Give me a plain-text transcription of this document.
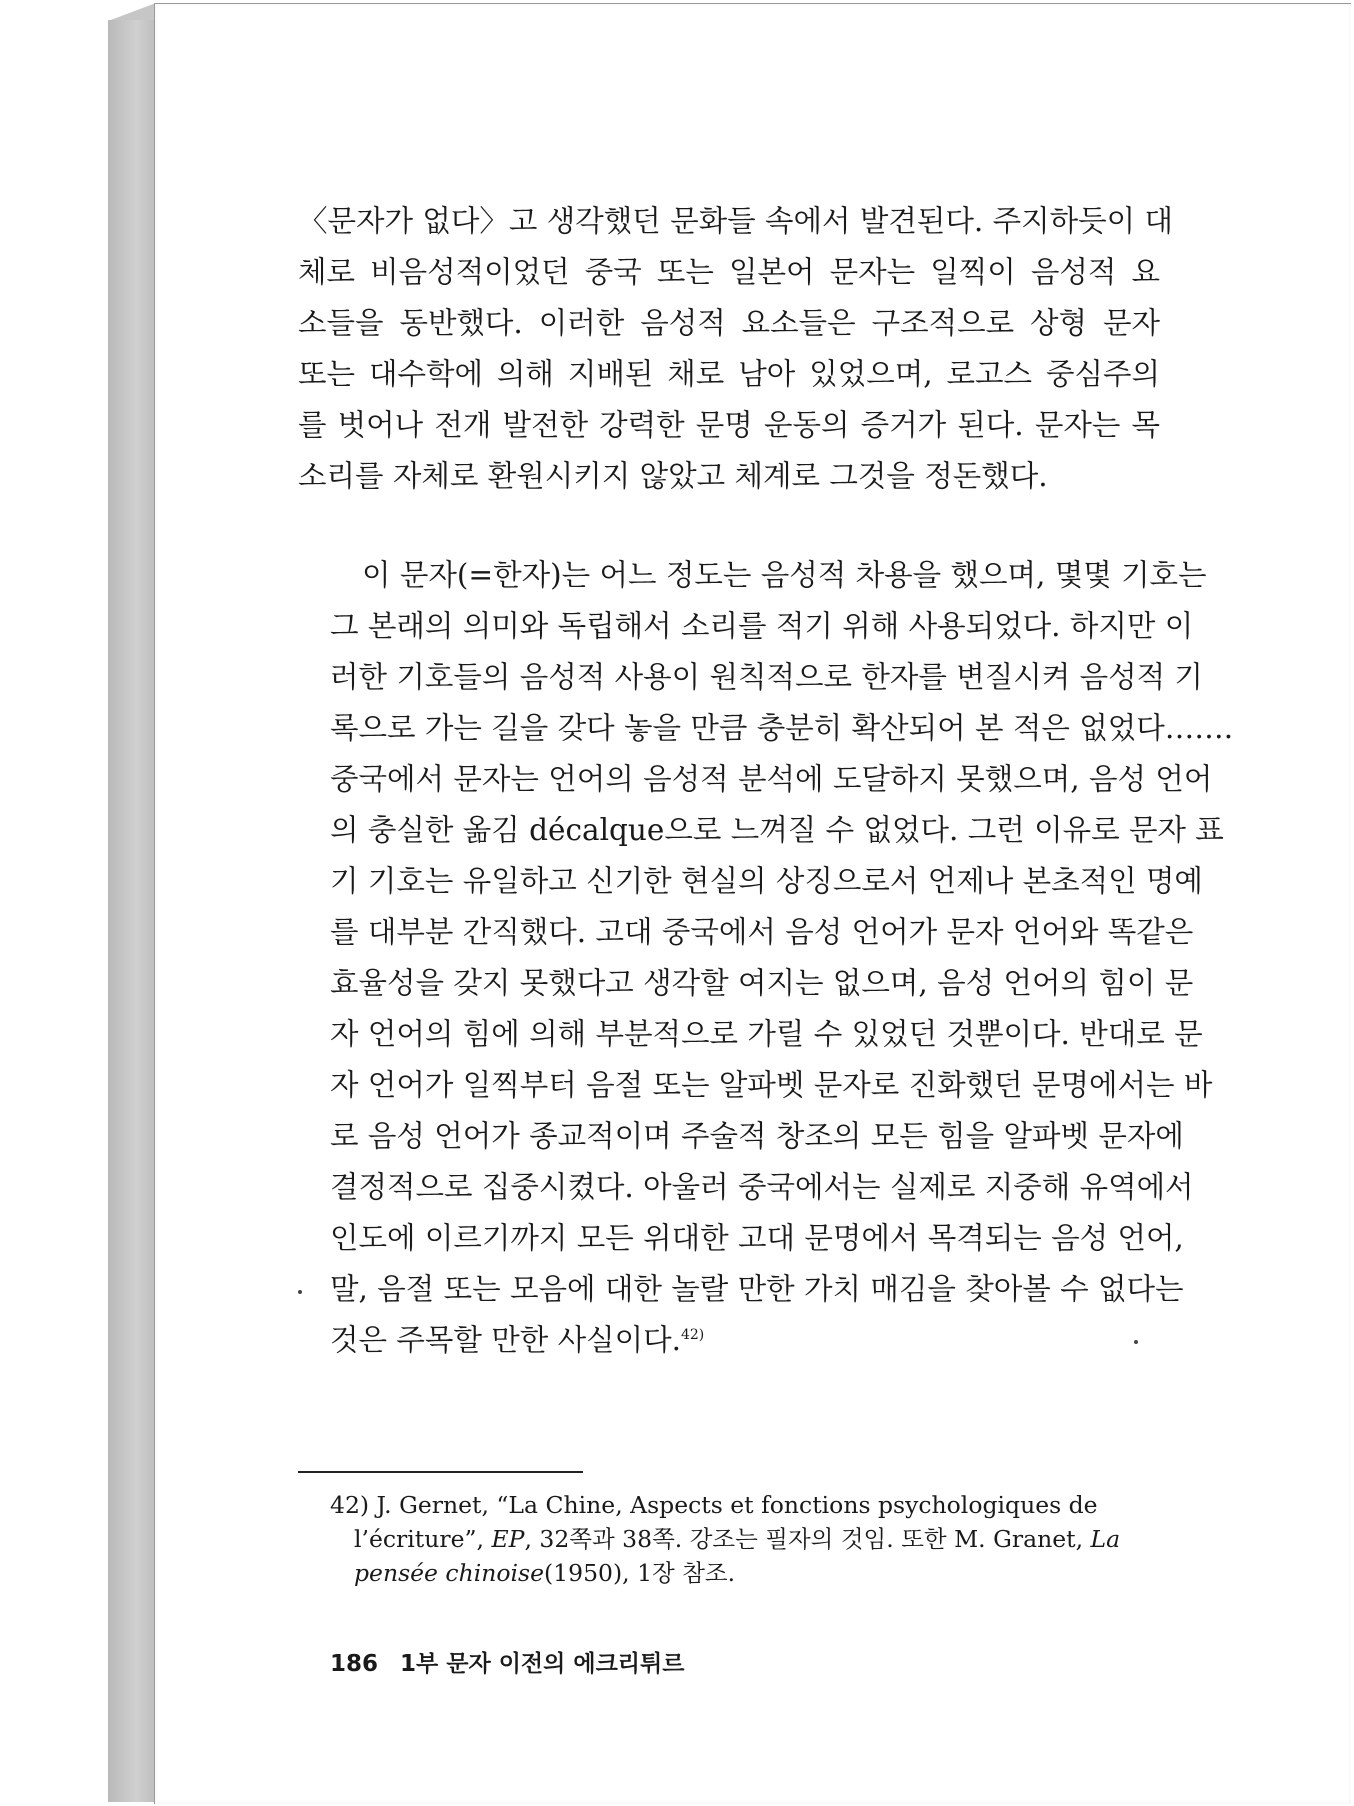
〈문자가 없다〉고 생각했던 문화들 속에서 발견된다. 주지하듯이 대
체로 비음성적이었던 중국 또는 일본어 문자는 일찍이 음성적 요
소들을 동반했다. 이러한 음성적 요소들은 구조적으로 상형 문자
또는 대수학에 의해 지배된 채로 남아 있었으며, 로고스 중심주의
를 벗어나 전개 발전한 강력한 문명 운동의 증거가 된다. 문자는 목
소리를 자체로 환원시키지 않았고 체계로 그것을 정돈했다.
이 문자(=한자)는 어느 정도는 음성적 차용을 했으며, 몇몇 기호는
그 본래의 의미와 독립해서 소리를 적기 위해 사용되었다. 하지만 이
러한 기호들의 음성적 사용이 원칙적으로 한자를 변질시켜 음성적 기
록으로 가는 길을 갖다 놓을 만큼 충분히 확산되어 본 적은 없었다…….
중국에서 문자는 언어의 음성적 분석에 도달하지 못했으며, 음성 언어
의 충실한 옮김 décalque으로 느껴질 수 없었다. 그런 이유로 문자 표
기 기호는 유일하고 신기한 현실의 상징으로서 언제나 본초적인 명예
를 대부분 간직했다. 고대 중국에서 음성 언어가 문자 언어와 똑같은
효율성을 갖지 못했다고 생각할 여지는 없으며, 음성 언어의 힘이 문
자 언어의 힘에 의해 부분적으로 가릴 수 있었던 것뿐이다. 반대로 문
자 언어가 일찍부터 음절 또는 알파벳 문자로 진화했던 문명에서는 바
로 음성 언어가 종교적이며 주술적 창조의 모든 힘을 알파벳 문자에
결정적으로 집중시켰다. 아울러 중국에서는 실제로 지중해 유역에서
인도에 이르기까지 모든 위대한 고대 문명에서 목격되는 음성 언어,
말, 음절 또는 모음에 대한 놀랄 만한 가치 매김을 찾아볼 수 없다는
것은 주목할 만한 사실이다.$^{42)}$
42) J. Gernet, “La Chine, Aspects et fonctions psychologiques de
l’écriture”, EP, 32쪽과 38쪽. 강조는 필자의 것임. 또한 M. Granet, La
pensée chinoise(1950), 1장 참조.
186 1부 문자 이전의 에크리튀르
